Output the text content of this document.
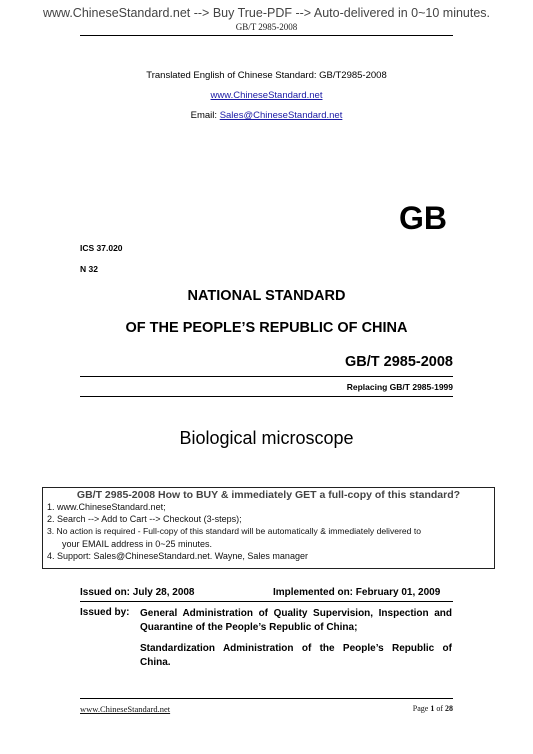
www.ChineseStandard.net --> Buy True-PDF --> Auto-delivered in 0~10 minutes.
GB/T 2985-2008
Translated English of Chinese Standard: GB/T2985-2008
www.ChineseStandard.net
Email: Sales@ChineseStandard.net
GB
ICS 37.020
N 32
NATIONAL STANDARD
OF THE PEOPLE’S REPUBLIC OF CHINA
GB/T 2985-2008
Replacing GB/T 2985-1999
Biological microscope
GB/T 2985-2008 How to BUY & immediately GET a full-copy of this standard?
1. www.ChineseStandard.net;
2. Search --> Add to Cart --> Checkout (3-steps);
3. No action is required - Full-copy of this standard will be automatically & immediately delivered to
your EMAIL address in 0~25 minutes.
4. Support: Sales@ChineseStandard.net. Wayne, Sales manager
Issued on: July 28, 2008	Implemented on: February 01, 2009
Issued by: General Administration of Quality Supervision, Inspection and Quarantine of the People’s Republic of China;
Standardization Administration of the People’s Republic of China.
www.ChineseStandard.net	Page 1 of 28
